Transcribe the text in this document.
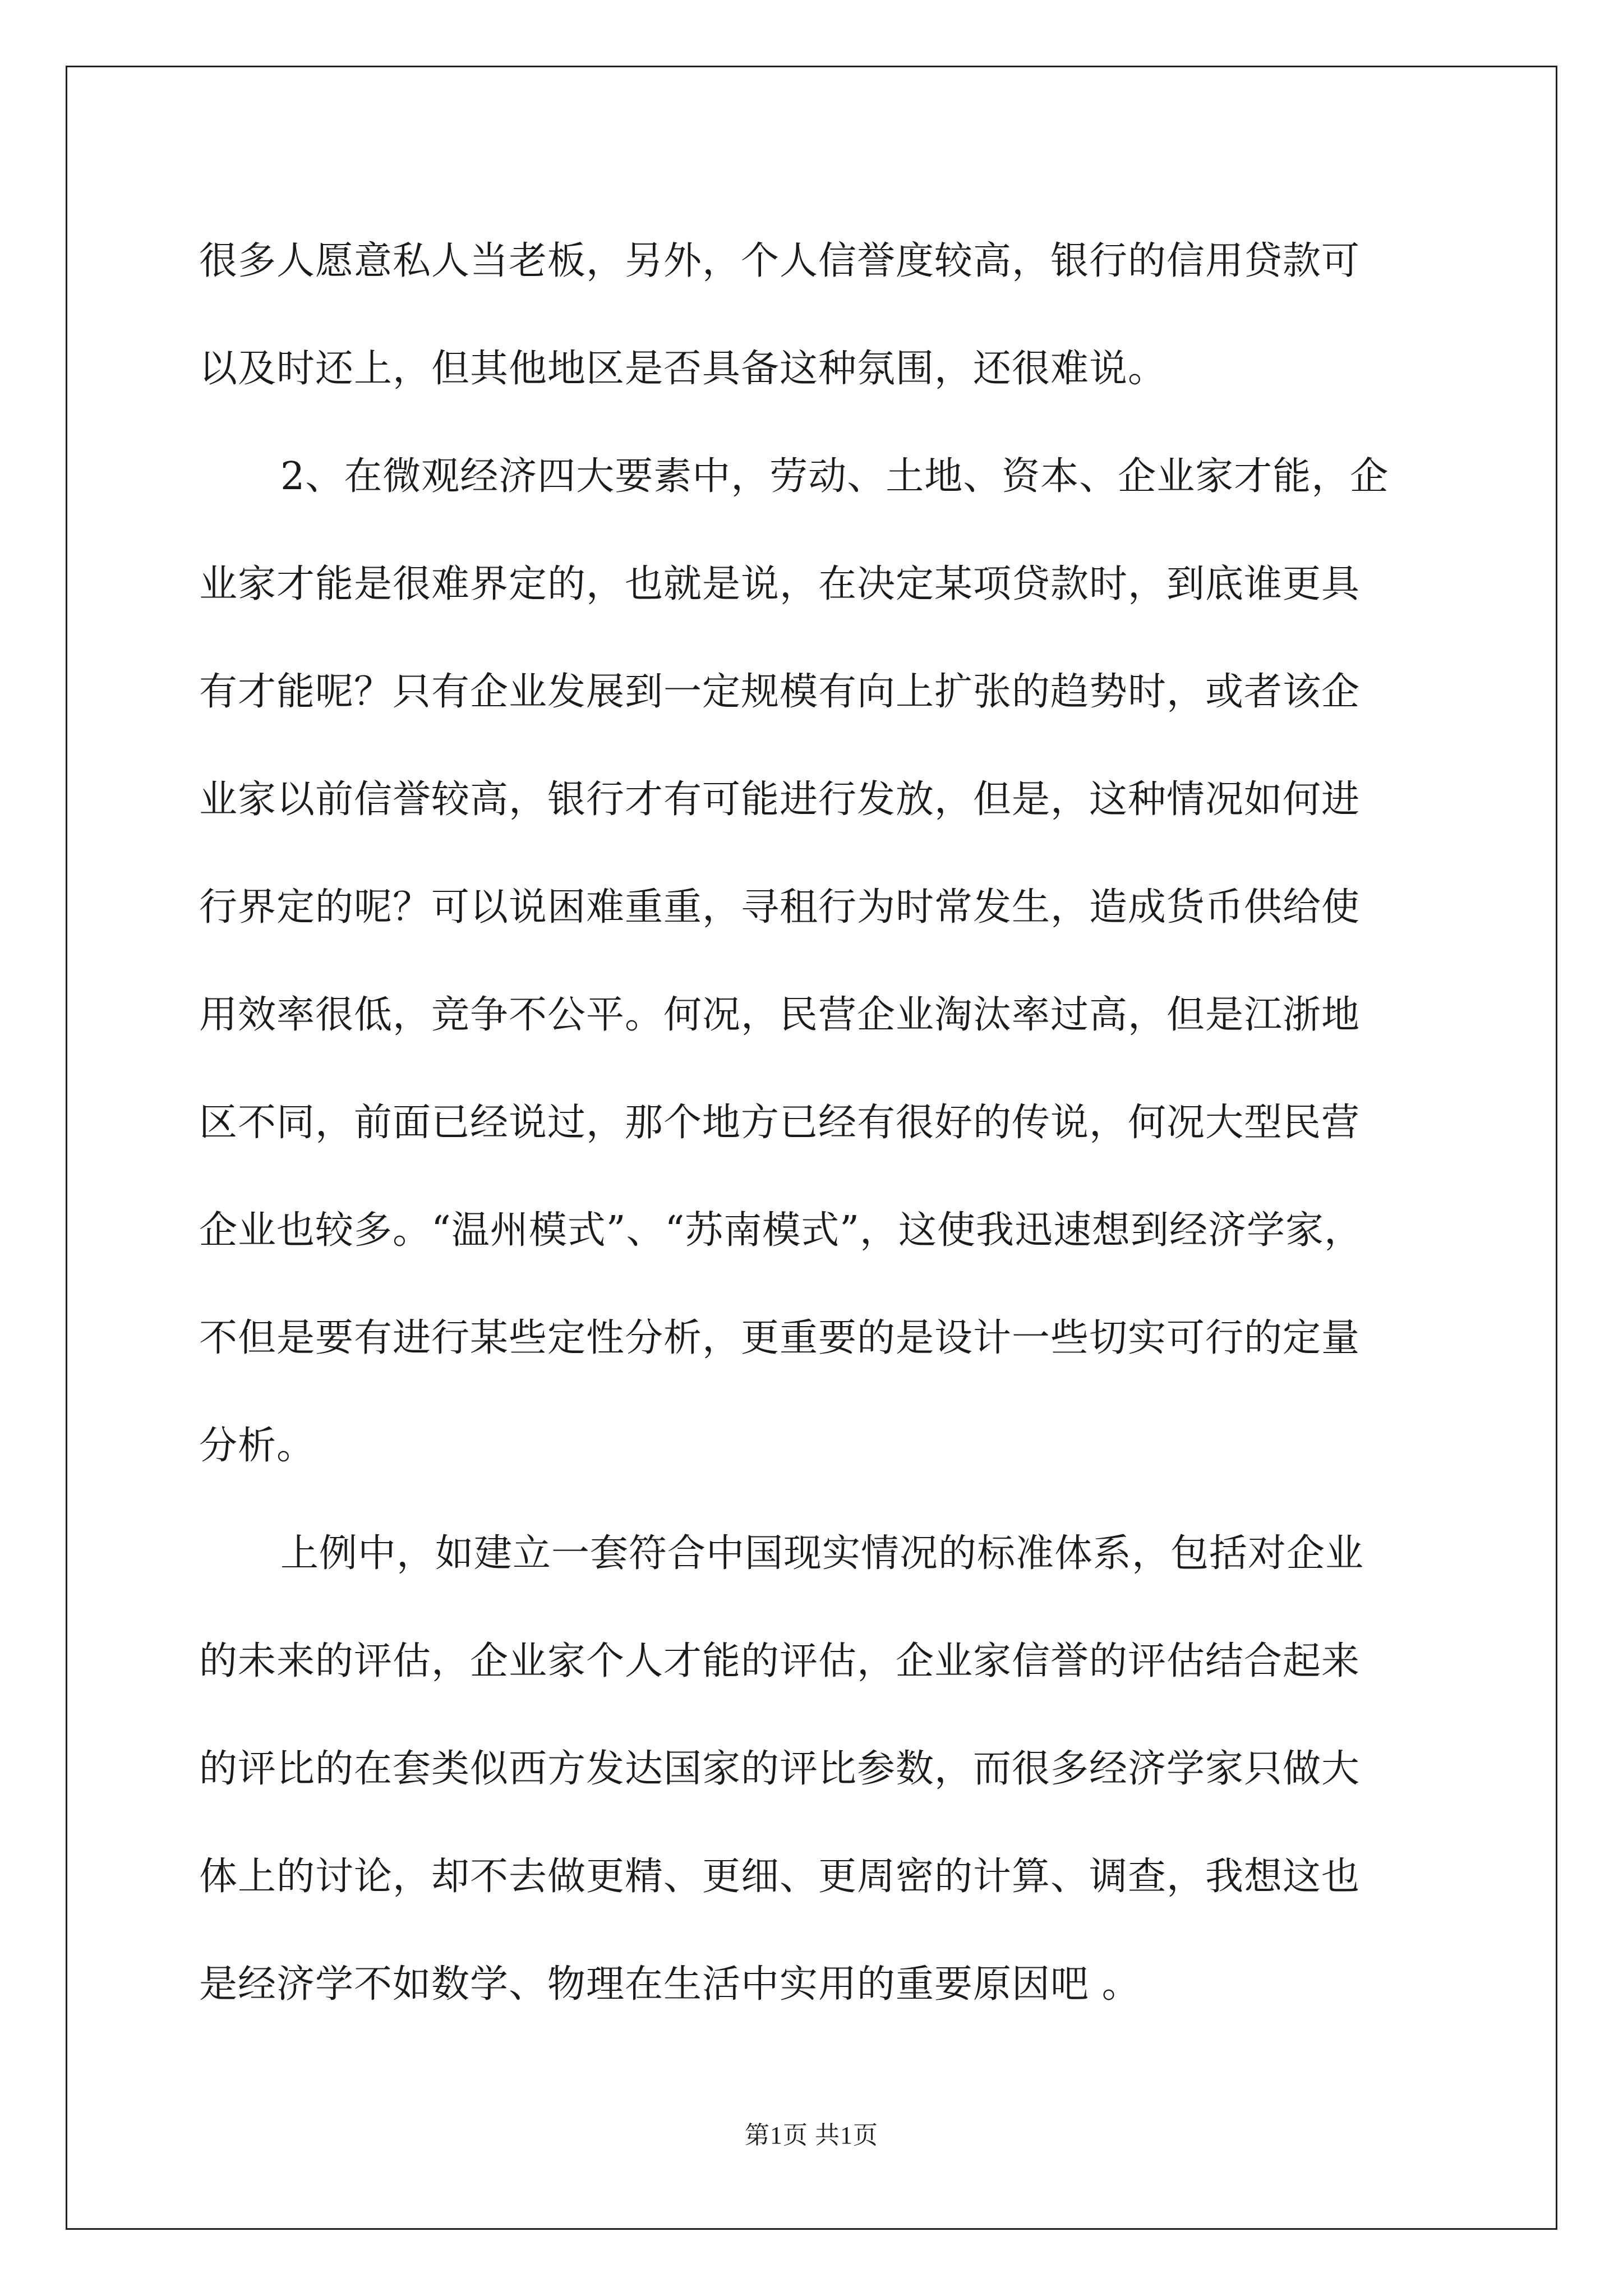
很多人愿意私人当老板，另外，个人信誉度较高，银行的信用贷款可
以及时还上，但其他地区是否具备这种氛围，还很难说。

2、在微观经济四大要素中，劳动、土地、资本、企业家才能，企
业家才能是很难界定的，也就是说，在决定某项贷款时，到底谁更具
有才能呢？只有企业发展到一定规模有向上扩张的趋势时，或者该企
业家以前信誉较高，银行才有可能进行发放，但是，这种情况如何进
行界定的呢？可以说困难重重，寻租行为时常发生，造成货币供给使
用效率很低，竞争不公平。何况，民营企业淘汰率过高，但是江浙地
区不同，前面已经说过，那个地方已经有很好的传说，何况大型民营
企业也较多。“温州模式”、“苏南模式”，这使我迅速想到经济学家，
不但是要有进行某些定性分析，更重要的是设计一些切实可行的定量
分析。

上例中，如建立一套符合中国现实情况的标准体系，包括对企业
的未来的评估，企业家个人才能的评估，企业家信誉的评估结合起来
的评比的在套类似西方发达国家的评比参数，而很多经济学家只做大
体上的讨论，却不去做更精、更细、更周密的计算、调查，我想这也
是经济学不如数学、物理在生活中实用的重要原因吧 。

第1页 共1页
